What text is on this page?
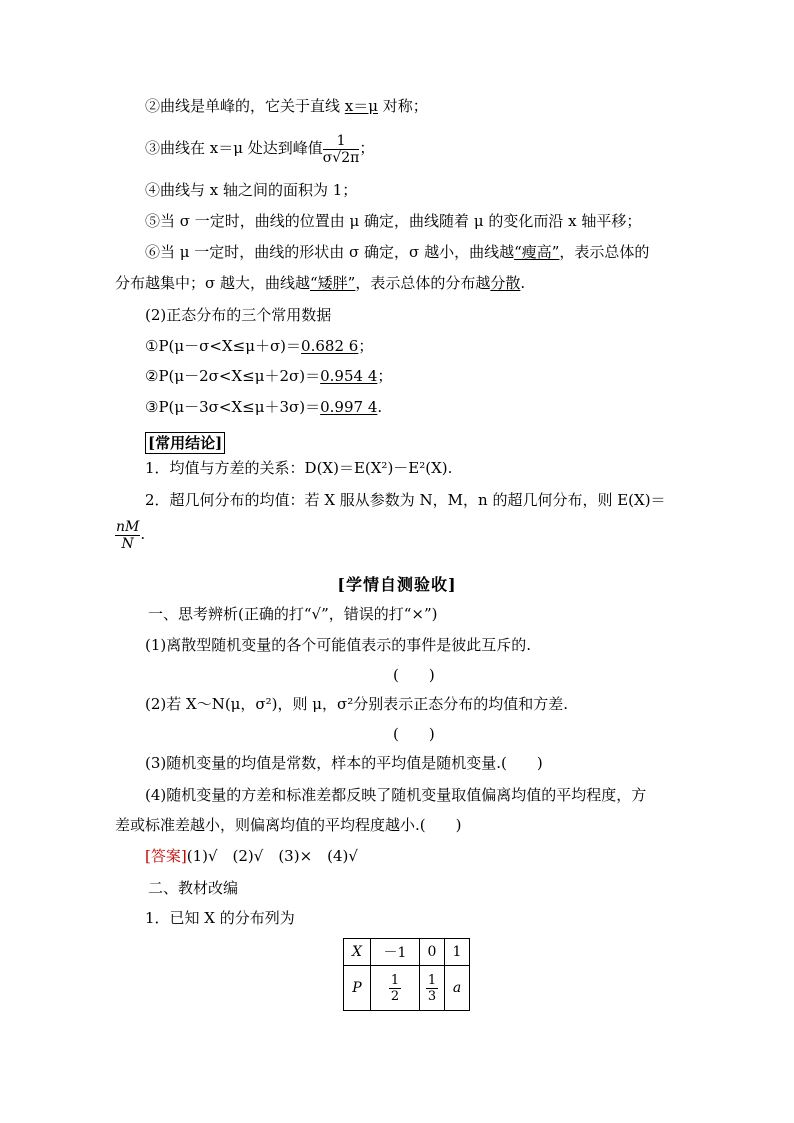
②曲线是单峰的，它关于直线 x＝μ 对称；
③曲线在 x＝μ 处达到峰值 $\frac{1}{\sigma√2\pi}$ ；
④曲线与 x 轴之间的面积为 1；
⑤当 σ 一定时，曲线的位置由 μ 确定，曲线随着 μ 的变化而沿 x 轴平移；
⑥当 μ 一定时，曲线的形状由 σ 确定，σ 越小，曲线越“瘦高”，表示总体的
分布越集中；σ 越大，曲线越“矮胖”，表示总体的分布越分散.
(2)正态分布的三个常用数据
①P(μ－σ<X≤μ＋σ)＝0.682 6；
②P(μ－2σ<X≤μ＋2σ)＝0.954 4；
③P(μ－3σ<X≤μ＋3σ)＝0.997 4.
[常用结论]
1．均值与方差的关系：D(X)＝E(X²)－E²(X).
2．超几何分布的均值：若 X 服从参数为 N，M，n 的超几何分布，则 E(X)＝
$\frac{nM}{N}$ .
[学情自测验收]
一、思考辨析(正确的打“√”，错误的打“×”)
(1)离散型随机变量的各个可能值表示的事件是彼此互斥的.
(　　)
(2)若 X～N(μ，σ²)，则 μ，σ²分别表示正态分布的均值和方差.
(　　)
(3)随机变量的均值是常数，样本的平均值是随机变量.(　　)
(4)随机变量的方差和标准差都反映了随机变量取值偏离均值的平均程度，方
差或标准差越小，则偏离均值的平均程度越小.(　　)
[答案](1)√　(2)√　(3)×　(4)√
二、教材改编
1．已知 X 的分布列为
X	－1	0	1
P	$\frac{1}{2}$	$\frac{1}{3}$	a
